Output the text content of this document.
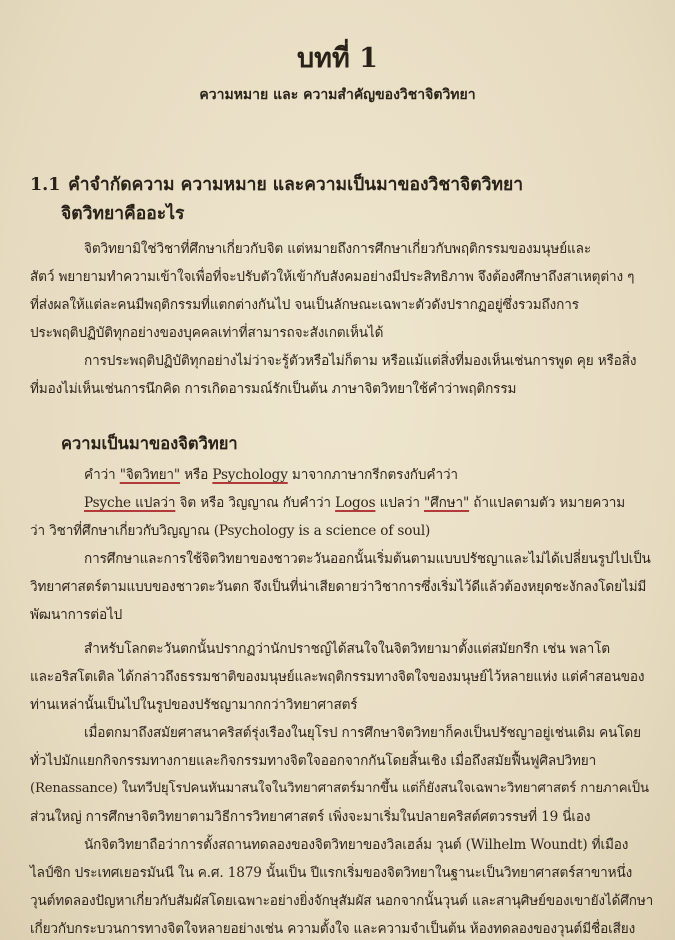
บทที่ 1
ความหมาย และ ความสำคัญของวิชาจิตวิทยา
1.1 คำจำกัดความ ความหมาย และความเป็นมาของวิชาจิตวิทยา
จิตวิทยาคืออะไร
จิตวิทยามิใช่วิชาที่ศึกษาเกี่ยวกับจิต แต่หมายถึงการศึกษาเกี่ยวกับพฤติกรรมของมนุษย์และ
สัตว์ พยายามทำความเข้าใจเพื่อที่จะปรับตัวให้เข้ากับสังคมอย่างมีประสิทธิภาพ จึงต้องศึกษาถึงสาเหตุต่าง ๆ
ที่ส่งผลให้แต่ละคนมีพฤติกรรมที่แตกต่างกันไป จนเป็นลักษณะเฉพาะตัวดังปรากฏอยู่ซึ่งรวมถึงการ
ประพฤติปฏิบัติทุกอย่างของบุคคลเท่าที่สามารถจะสังเกตเห็นได้
การประพฤติปฏิบัติทุกอย่างไม่ว่าจะรู้ตัวหรือไม่ก็ตาม หรือแม้แต่สิ่งที่มองเห็นเช่นการพูด คุย หรือสิ่ง
ที่มองไม่เห็นเช่นการนึกคิด การเกิดอารมณ์รักเป็นต้น ภาษาจิตวิทยาใช้คำว่าพฤติกรรม
ความเป็นมาของจิตวิทยา
คำว่า "จิตวิทยา" หรือ Psychology มาจากภาษากรีกตรงกับคำว่า
Psyche แปลว่า จิต หรือ วิญญาณ กับคำว่า Logos แปลว่า "ศึกษา" ถ้าแปลตามตัว หมายความ
ว่า วิชาที่ศึกษาเกี่ยวกับวิญญาณ (Psychology is a science of soul)
การศึกษาและการใช้จิตวิทยาของชาวตะวันออกนั้นเริ่มต้นตามแบบปรัชญาและไม่ได้เปลี่ยนรูปไปเป็น
วิทยาศาสตร์ตามแบบของชาวตะวันตก จึงเป็นที่น่าเสียดายว่าวิชาการซึ่งเริ่มไว้ดีแล้วต้องหยุดชะงักลงโดยไม่มี
พัฒนาการต่อไป
สำหรับโลกตะวันตกนั้นปรากฏว่านักปราชญ์ได้สนใจในจิตวิทยามาตั้งแต่สมัยกรีก เช่น พลาโต
และอริสโตเติล ได้กล่าวถึงธรรมชาติของมนุษย์และพฤติกรรมทางจิตใจของมนุษย์ไว้หลายแห่ง แต่คำสอนของ
ท่านเหล่านั้นเป็นไปในรูปของปรัชญามากกว่าวิทยาศาสตร์
เมื่อตกมาถึงสมัยศาสนาคริสต์รุ่งเรืองในยุโรป การศึกษาจิตวิทยาก็คงเป็นปรัชญาอยู่เช่นเดิม คนโดย
ทั่วไปมักแยกกิจกรรมทางกายและกิจกรรมทางจิตใจออกจากกันโดยสิ้นเชิง เมื่อถึงสมัยฟื้นฟูศิลปวิทยา
(Renassance) ในทวีปยุโรปคนหันมาสนใจในวิทยาศาสตร์มากขึ้น แต่ก็ยังสนใจเฉพาะวิทยาศาสตร์ กายภาคเป็น
ส่วนใหญ่ การศึกษาจิตวิทยาตามวิธีการวิทยาศาสตร์ เพิ่งจะมาเริ่มในปลายคริสต์ศตวรรษที่ 19 นี่เอง
นักจิตวิทยาถือว่าการตั้งสถานทดลองของจิตวิทยาของวิลเฮล์ม วุนต์ (Wilhelm Woundt) ที่เมือง
ไลป์ซิก ประเทศเยอรมันนี ใน ค.ศ. 1879 นั้นเป็น ปีแรกเริ่มของจิตวิทยาในฐานะเป็นวิทยาศาสตร์สาขาหนึ่ง
วุนต์ทดลองปัญหาเกี่ยวกับสัมผัสโดยเฉพาะอย่างยิ่งจักษุสัมผัส นอกจากนั้นวุนต์ และสานุศิษย์ของเขายังได้ศึกษา
เกี่ยวกับกระบวนการทางจิตใจหลายอย่างเช่น ความตั้งใจ และความจำเป็นต้น ห้องทดลองของวุนต์มีชื่อเสียง
